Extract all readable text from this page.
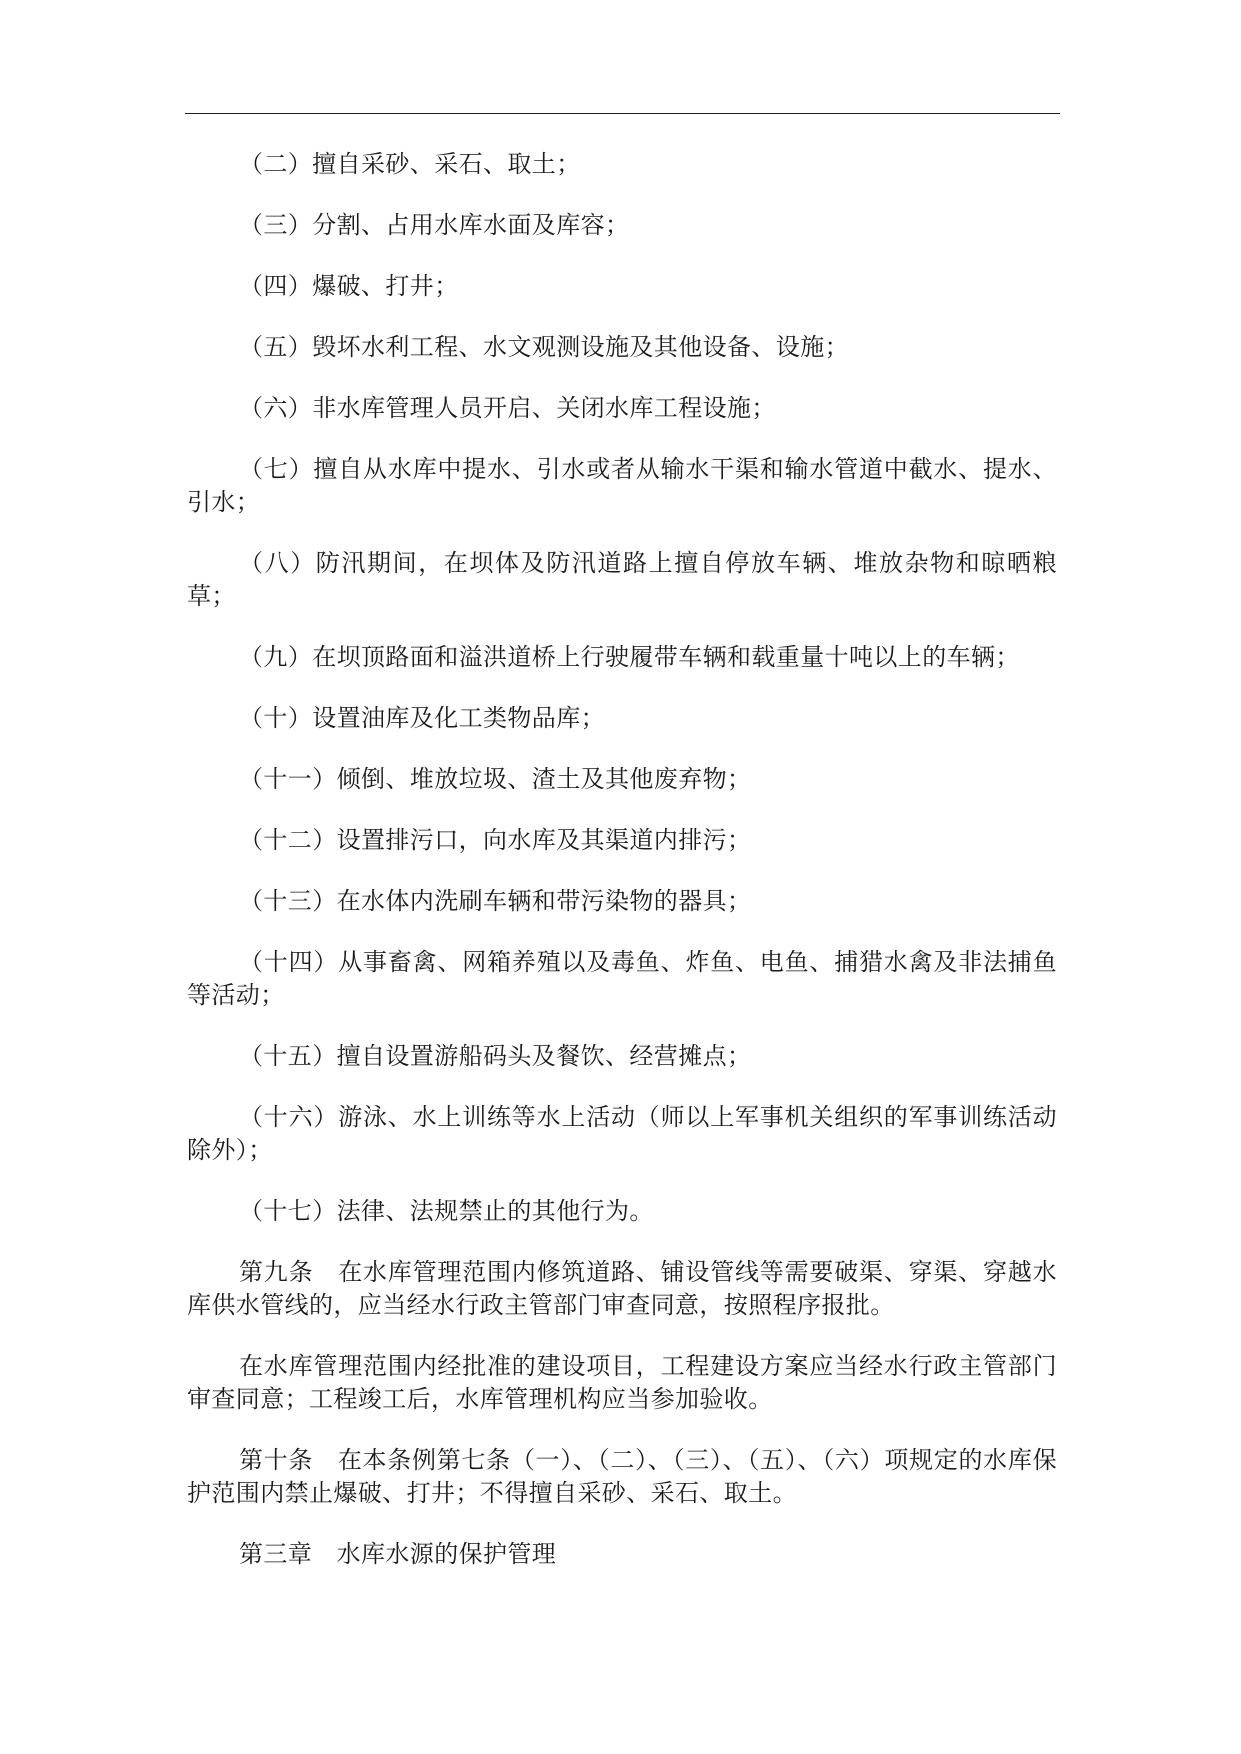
（二）擅自采砂、采石、取土；

（三）分割、占用水库水面及库容；

（四）爆破、打井；

（五）毁坏水利工程、水文观测设施及其他设备、设施；

（六）非水库管理人员开启、关闭水库工程设施；

（七）擅自从水库中提水、引水或者从输水干渠和输水管道中截水、提水、引水；

（八）防汛期间，在坝体及防汛道路上擅自停放车辆、堆放杂物和晾晒粮草；

（九）在坝顶路面和溢洪道桥上行驶履带车辆和载重量十吨以上的车辆；

（十）设置油库及化工类物品库；

（十一）倾倒、堆放垃圾、渣土及其他废弃物；

（十二）设置排污口，向水库及其渠道内排污；

（十三）在水体内洗刷车辆和带污染物的器具；

（十四）从事畜禽、网箱养殖以及毒鱼、炸鱼、电鱼、捕猎水禽及非法捕鱼等活动；

（十五）擅自设置游船码头及餐饮、经营摊点；

（十六）游泳、水上训练等水上活动（师以上军事机关组织的军事训练活动除外）；

（十七）法律、法规禁止的其他行为。

第九条　在水库管理范围内修筑道路、铺设管线等需要破渠、穿渠、穿越水库供水管线的，应当经水行政主管部门审查同意，按照程序报批。

在水库管理范围内经批准的建设项目，工程建设方案应当经水行政主管部门审查同意；工程竣工后，水库管理机构应当参加验收。

第十条　在本条例第七条（一）、（二）、（三）、（五）、（六）项规定的水库保护范围内禁止爆破、打井；不得擅自采砂、采石、取土。

第三章　水库水源的保护管理
